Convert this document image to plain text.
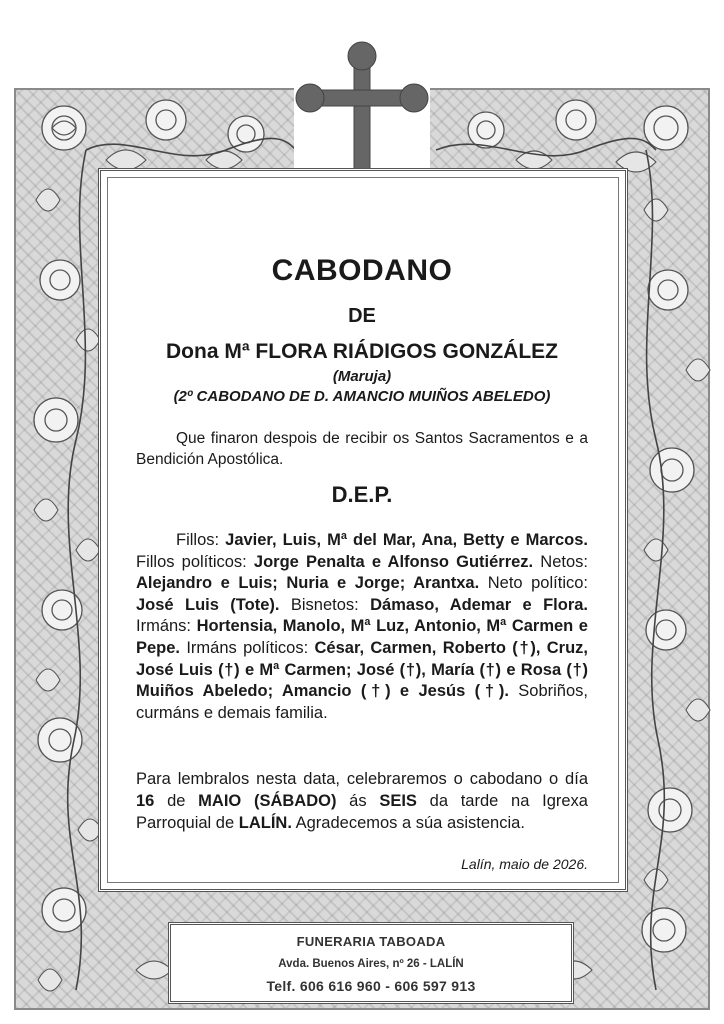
CABODANO
DE
Dona Mª FLORA RIÁDIGOS GONZÁLEZ
(Maruja)
(2º CABODANO DE D. AMANCIO MUIÑOS ABELEDO)
Que finaron despois de recibir os Santos Sacramentos e a Bendición Apostólica.
D.E.P.
Fillos: Javier, Luis, Mª del Mar, Ana, Betty e Marcos. Fillos políticos: Jorge Penalta e Alfonso Gutiérrez. Netos: Alejandro e Luis; Nuria e Jorge; Arantxa. Neto político: José Luis (Tote). Bisnetos: Dámaso, Ademar e Flora. Irmáns: Hortensia, Manolo, Mª Luz, Antonio, Mª Carmen e Pepe. Irmáns políticos: César, Carmen, Roberto (†), Cruz, José Luis (†) e Mª Carmen; José (†), María (†) e Rosa (†) Muiños Abeledo; Amancio (†) e Jesús (†). Sobriños, curmáns e demais familia.
Para lembralos nesta data, celebraremos o cabodano o día 16 de MAIO (SÁBADO) ás SEIS da tarde na Igrexa Parroquial de LALÍN. Agradecemos a súa asistencia.
Lalín, maio de 2026.
FUNERARIA TABOADA
Avda. Buenos Aires, nº 26 - LALÍN
Telf. 606 616 960 - 606 597 913
